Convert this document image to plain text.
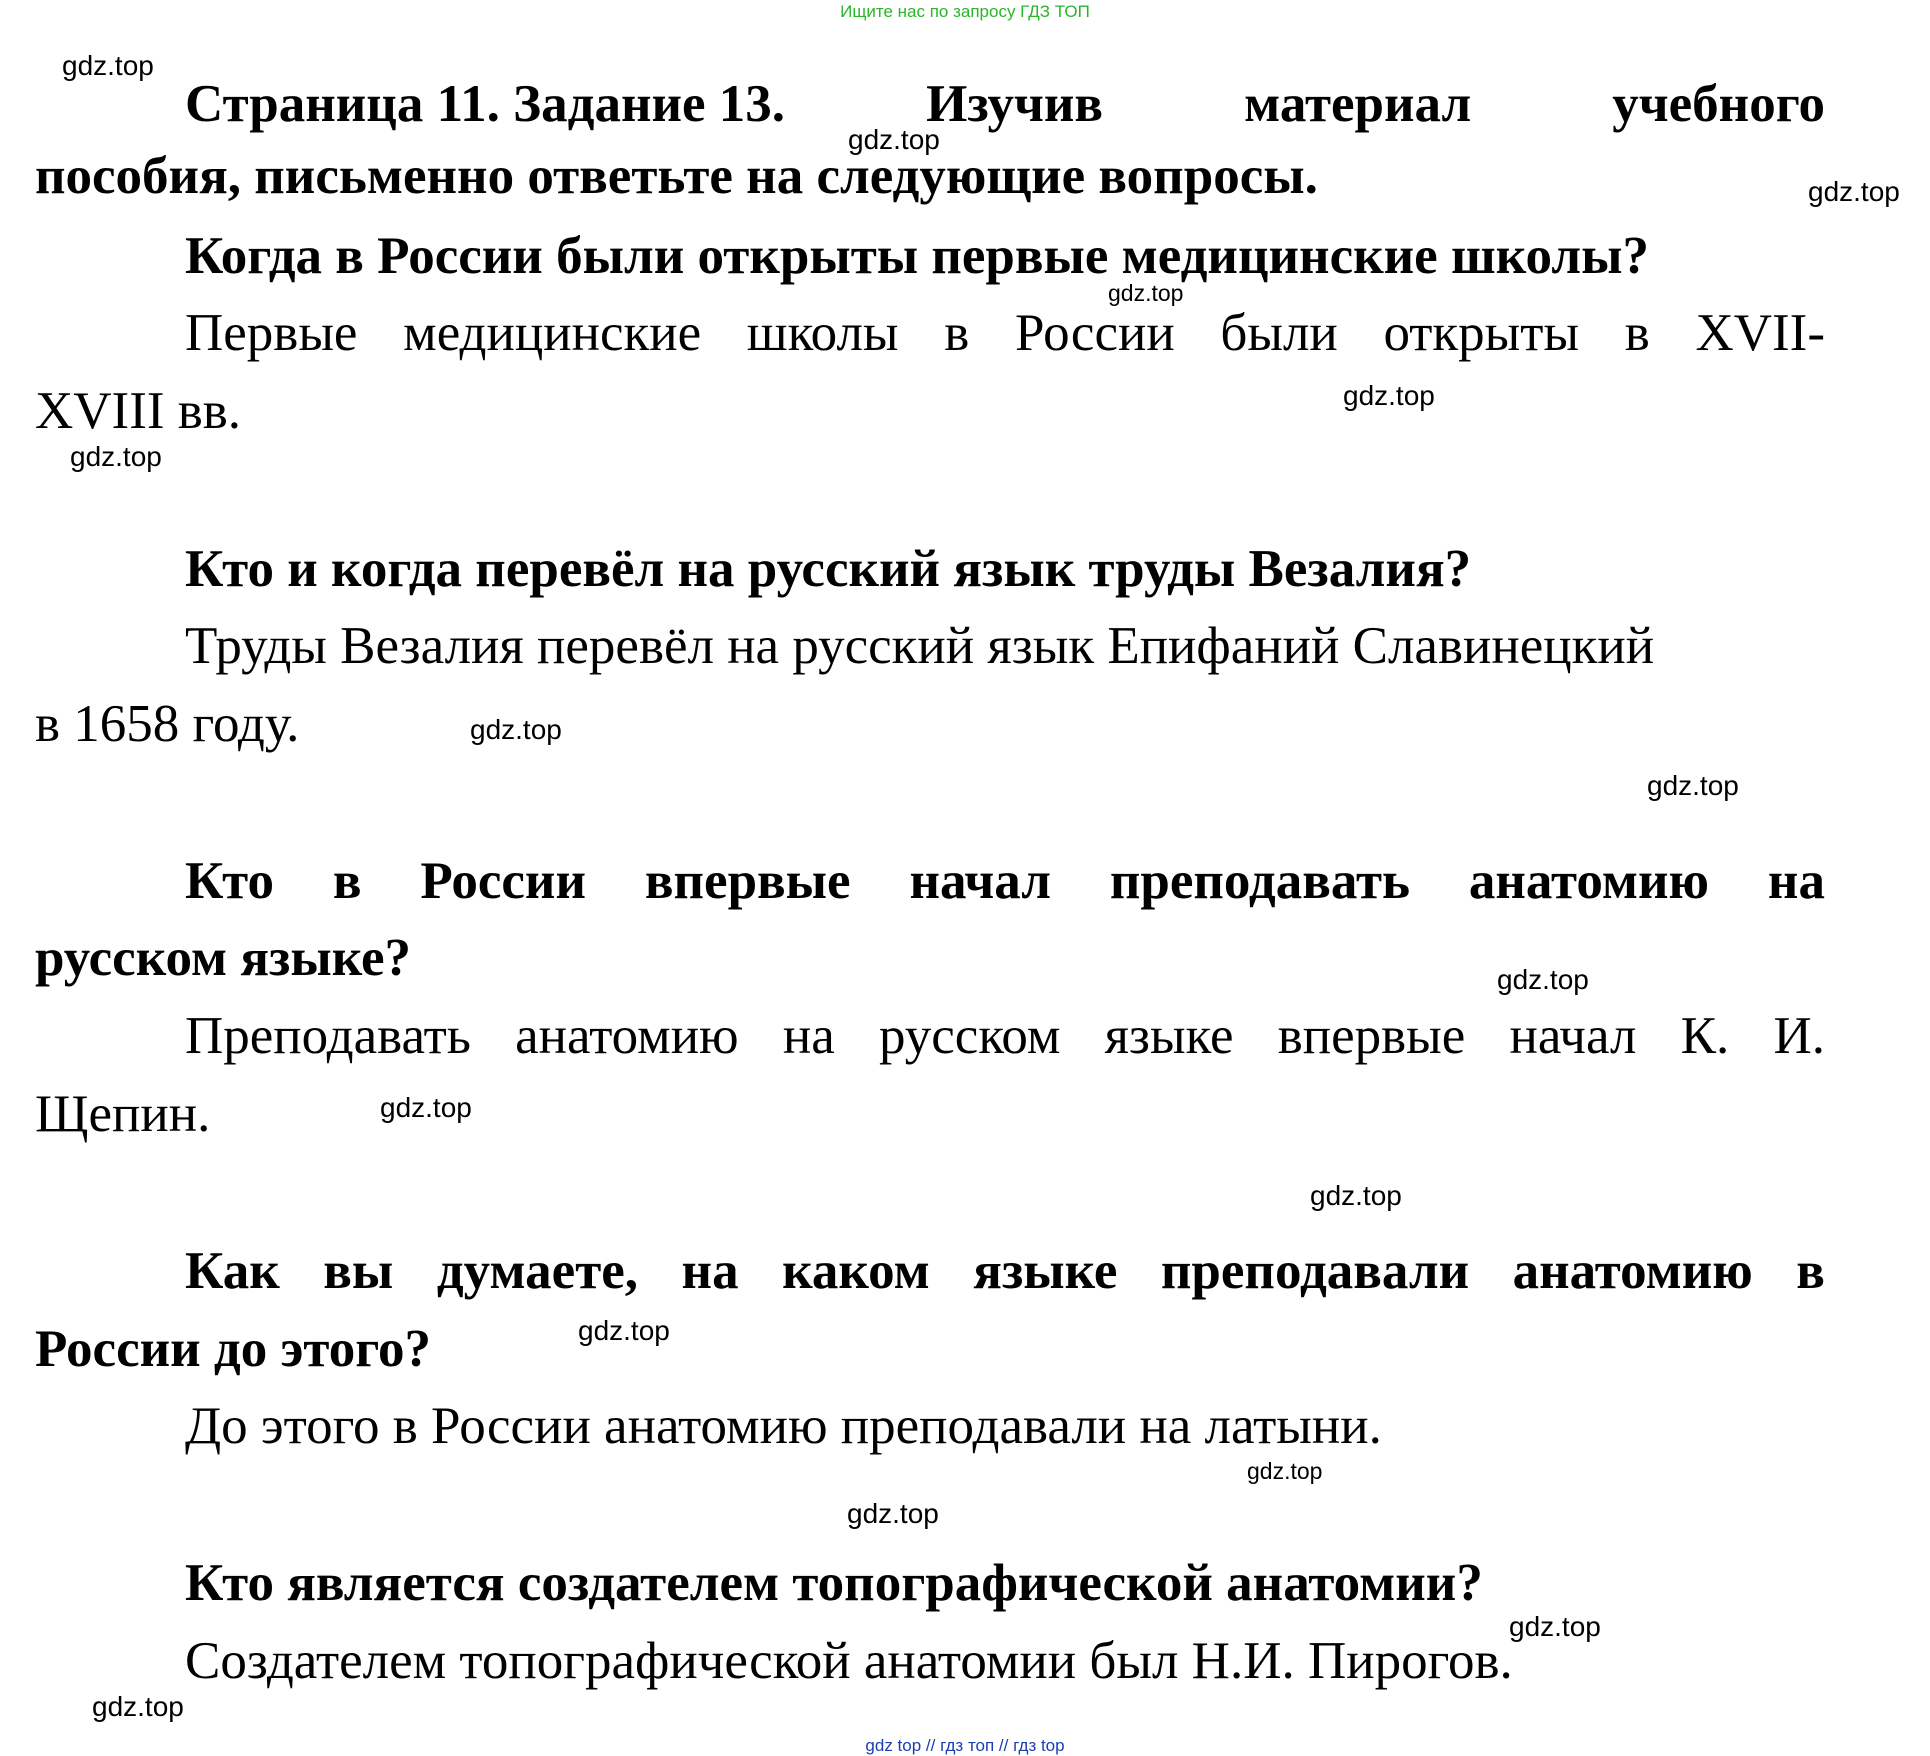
Ищите нас по запросу ГДЗ ТОП
Страница 11. Задание 13.	Изучив	материал	учебного
пособия, письменно ответьте на следующие вопросы.
Когда в России были открыты первые медицинские школы?
Первые медицинские школы в России были открыты в XVII-
XVIII вв.
Кто и когда перевёл на русский язык труды Везалия?
Труды Везалия перевёл на русский язык Епифаний Славинецкий
в 1658 году.
Кто в России впервые начал преподавать анатомию на
русском языке?
Преподавать анатомию на русском языке впервые начал К. И.
Щепин.
Как вы думаете, на каком языке преподавали анатомию в
России до этого?
До этого в России анатомию преподавали на латыни.
Кто является создателем топографической анатомии?
Создателем топографической анатомии был Н.И. Пирогов.
gdz.top
gdz.top
gdz.top
gdz.top
gdz.top
gdz.top
gdz.top
gdz.top
gdz.top
gdz.top
gdz.top
gdz.top
gdz.top
gdz.top
gdz.top
gdz.top
gdz top // гдз топ // гдз top
